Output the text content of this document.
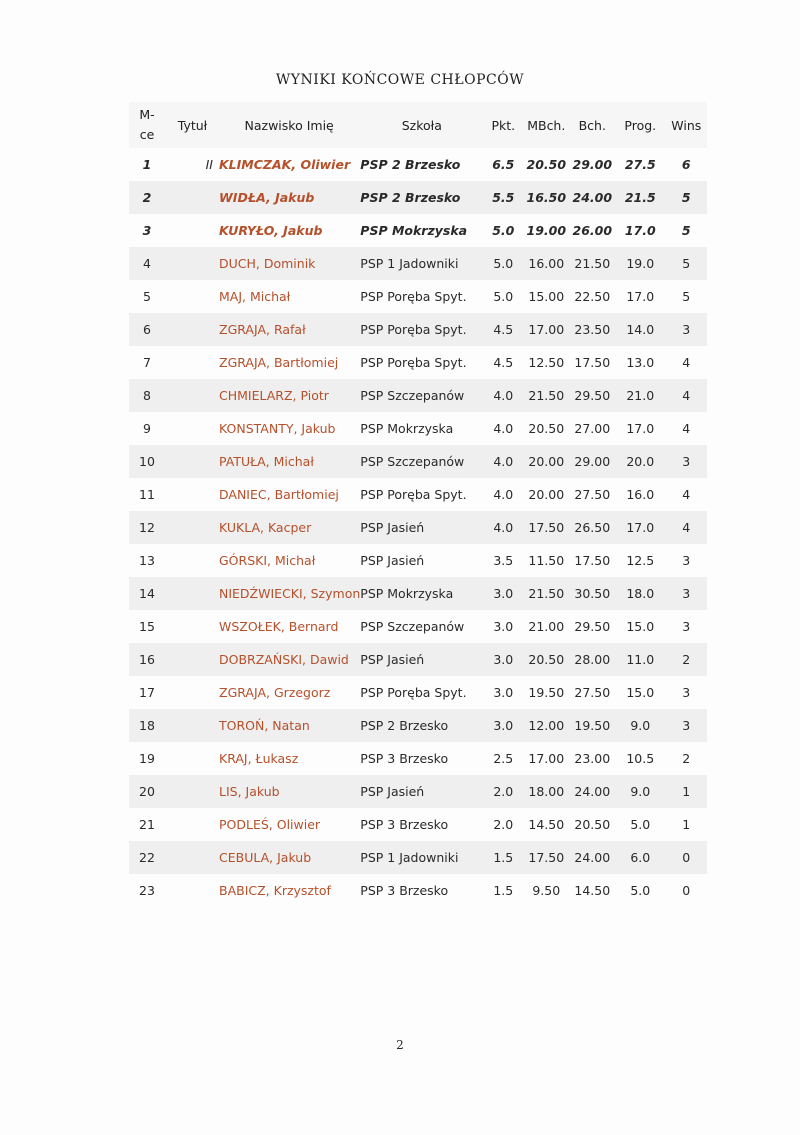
WYNIKI KOŃCOWE CHŁOPCÓW
M-ce	Tytuł	Nazwisko Imię	Szkoła	Pkt.	MBch.	Bch.	Prog.	Wins
1	II	KLIMCZAK, Oliwier	PSP 2 Brzesko	6.5	20.50	29.00	27.5	6
2		WIDŁA, Jakub	PSP 2 Brzesko	5.5	16.50	24.00	21.5	5
3		KURYŁO, Jakub	PSP Mokrzyska	5.0	19.00	26.00	17.0	5
4		DUCH, Dominik	PSP 1 Jadowniki	5.0	16.00	21.50	19.0	5
5		MAJ, Michał	PSP Poręba Spyt.	5.0	15.00	22.50	17.0	5
6		ZGRAJA, Rafał	PSP Poręba Spyt.	4.5	17.00	23.50	14.0	3
7		ZGRAJA, Bartłomiej	PSP Poręba Spyt.	4.5	12.50	17.50	13.0	4
8		CHMIELARZ, Piotr	PSP Szczepanów	4.0	21.50	29.50	21.0	4
9		KONSTANTY, Jakub	PSP Mokrzyska	4.0	20.50	27.00	17.0	4
10		PATUŁA, Michał	PSP Szczepanów	4.0	20.00	29.00	20.0	3
11		DANIEC, Bartłomiej	PSP Poręba Spyt.	4.0	20.00	27.50	16.0	4
12		KUKLA, Kacper	PSP Jasień	4.0	17.50	26.50	17.0	4
13		GÓRSKI, Michał	PSP Jasień	3.5	11.50	17.50	12.5	3
14		NIEDŹWIECKI, Szymon	PSP Mokrzyska	3.0	21.50	30.50	18.0	3
15		WSZOŁEK, Bernard	PSP Szczepanów	3.0	21.00	29.50	15.0	3
16		DOBRZAŃSKI, Dawid	PSP Jasień	3.0	20.50	28.00	11.0	2
17		ZGRAJA, Grzegorz	PSP Poręba Spyt.	3.0	19.50	27.50	15.0	3
18		TOROŃ, Natan	PSP 2 Brzesko	3.0	12.00	19.50	9.0	3
19		KRAJ, Łukasz	PSP 3 Brzesko	2.5	17.00	23.00	10.5	2
20		LIS, Jakub	PSP Jasień	2.0	18.00	24.00	9.0	1
21		PODLEŚ, Oliwier	PSP 3 Brzesko	2.0	14.50	20.50	5.0	1
22		CEBULA, Jakub	PSP 1 Jadowniki	1.5	17.50	24.00	6.0	0
23		BABICZ, Krzysztof	PSP 3 Brzesko	1.5	9.50	14.50	5.0	0
2
